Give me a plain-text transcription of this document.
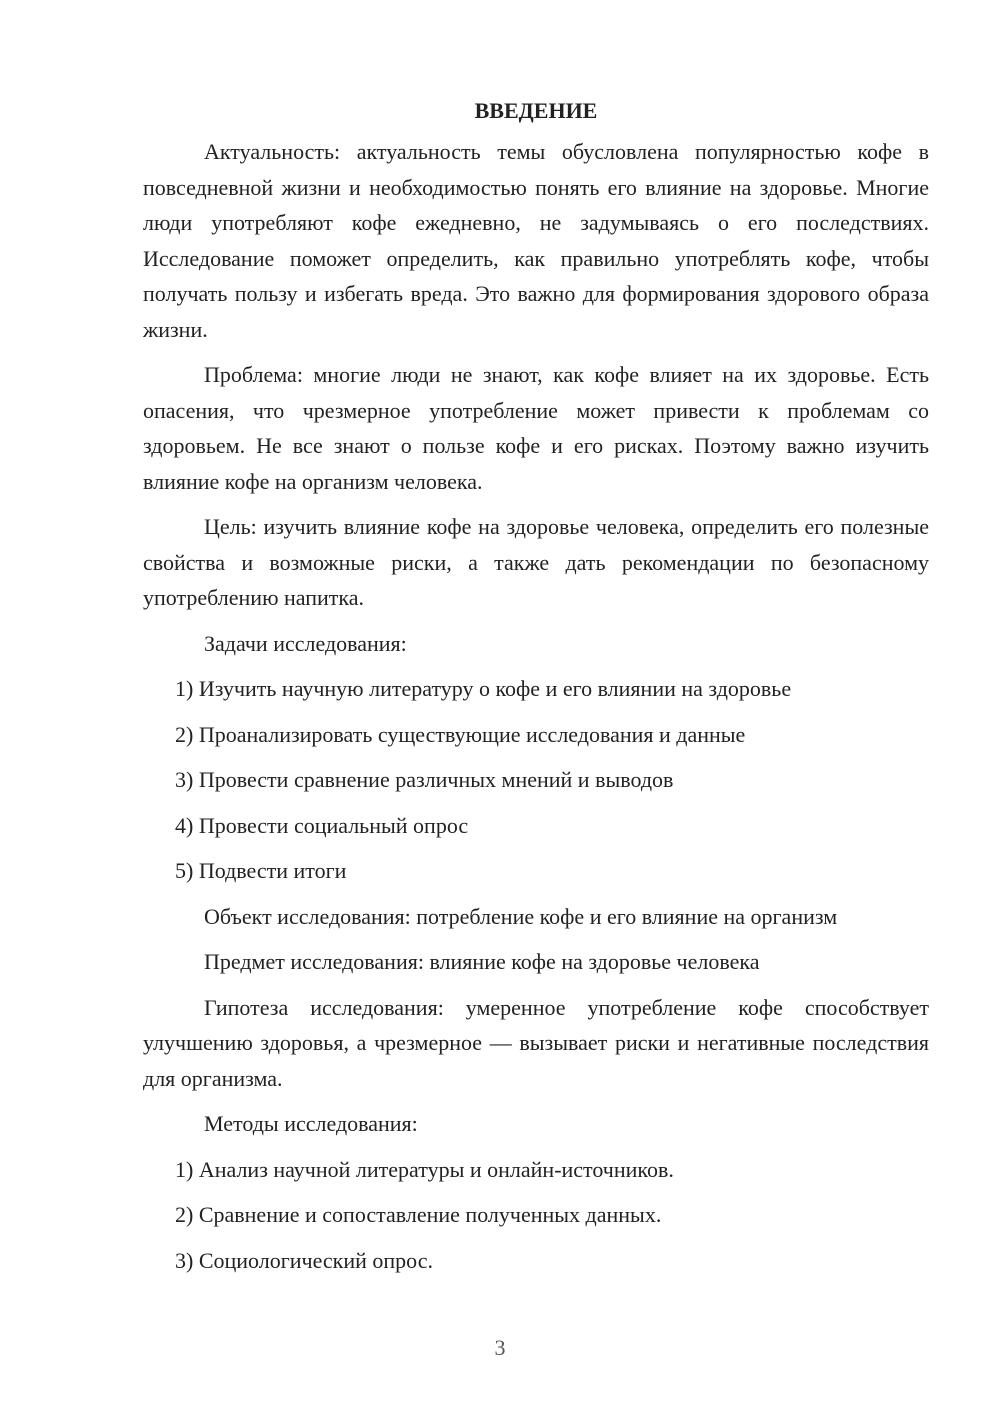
ВВЕДЕНИЕ

Актуальность: актуальность темы обусловлена популярностью кофе в повседневной жизни и необходимостью понять его влияние на здоровье. Многие люди употребляют кофе ежедневно, не задумываясь о его последствиях. Исследование поможет определить, как правильно употреблять кофе, чтобы получать пользу и избегать вреда. Это важно для формирования здорового образа жизни.

Проблема: многие люди не знают, как кофе влияет на их здоровье. Есть опасения, что чрезмерное употребление может привести к проблемам со здоровьем. Не все знают о пользе кофе и его рисках. Поэтому важно изучить влияние кофе на организм человека.

Цель: изучить влияние кофе на здоровье человека, определить его полезные свойства и возможные риски, а также дать рекомендации по безопасному употреблению напитка.

Задачи исследования:

1) Изучить научную литературу о кофе и его влиянии на здоровье
2) Проанализировать существующие исследования и данные
3) Провести сравнение различных мнений и выводов
4) Провести социальный опрос
5) Подвести итоги

Объект исследования: потребление кофе и его влияние на организм

Предмет исследования: влияние кофе на здоровье человека

Гипотеза исследования: умеренное употребление кофе способствует улучшению здоровья, а чрезмерное — вызывает риски и негативные последствия для организма.

Методы исследования:

1) Анализ научной литературы и онлайн-источников.
2) Сравнение и сопоставление полученных данных.
3) Социологический опрос.
3
